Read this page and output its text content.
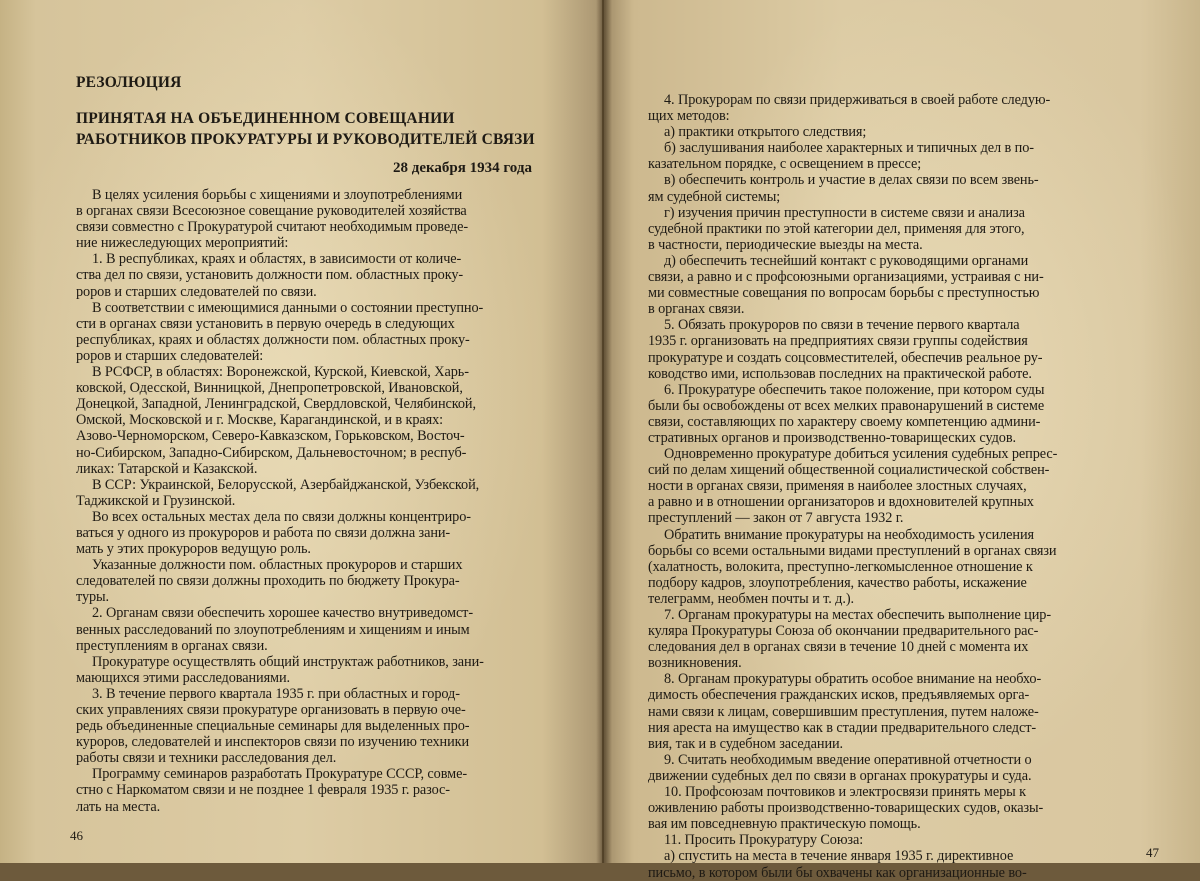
РЕЗОЛЮЦИЯ
ПРИНЯТАЯ НА ОБЪЕДИНЕННОМ СОВЕЩАНИИ
РАБОТНИКОВ ПРОКУРАТУРЫ И РУКОВОДИТЕЛЕЙ СВЯЗИ
28 декабря 1934 года
В целях усиления борьбы с хищениями и злоупотреблениями
в органах связи Всесоюзное совещание руководителей хозяйства
связи совместно с Прокуратурой считают необходимым проведе-
ние нижеследующих мероприятий:
1. В республиках, краях и областях, в зависимости от количе-
ства дел по связи, установить должности пом. областных проку-
роров и старших следователей по связи.
В соответствии с имеющимися данными о состоянии преступно-
сти в органах связи установить в первую очередь в следующих
республиках, краях и областях должности пом. областных проку-
роров и старших следователей:
В РСФСР, в областях: Воронежской, Курской, Киевской, Харь-
ковской, Одесской, Винницкой, Днепропетровской, Ивановской,
Донецкой, Западной, Ленинградской, Свердловской, Челябинской,
Омской, Московской и г. Москве, Карагандинской, и в краях:
Азово-Черноморском, Северо-Кавказском, Горьковском, Восточ-
но-Сибирском, Западно-Сибирском, Дальневосточном; в респуб-
ликах: Татарской и Казакской.
В ССР: Украинской, Белорусской, Азербайджанской, Узбекской,
Таджикской и Грузинской.
Во всех остальных местах дела по связи должны концентриро-
ваться у одного из прокуроров и работа по связи должна зани-
мать у этих прокуроров ведущую роль.
Указанные должности пом. областных прокуроров и старших
следователей по связи должны проходить по бюджету Прокура-
туры.
2. Органам связи обеспечить хорошее качество внутриведомст-
венных расследований по злоупотреблениям и хищениям и иным
преступлениям в органах связи.
Прокуратуре осуществлять общий инструктаж работников, зани-
мающихся этими расследованиями.
3. В течение первого квартала 1935 г. при областных и город-
ских управлениях связи прокуратуре организовать в первую оче-
редь объединенные специальные семинары для выделенных про-
куроров, следователей и инспекторов связи по изучению техники
работы связи и техники расследования дел.
Программу семинаров разработать Прокуратуре СССР, совме-
стно с Наркоматом связи и не позднее 1 февраля 1935 г. разос-
лать на места.
46
4. Прокурорам по связи придерживаться в своей работе следую-
щих методов:
а) практики открытого следствия;
б) заслушивания наиболее характерных и типичных дел в по-
казательном порядке, с освещением в прессе;
в) обеспечить контроль и участие в делах связи по всем звень-
ям судебной системы;
г) изучения причин преступности в системе связи и анализа
судебной практики по этой категории дел, применяя для этого,
в частности, периодические выезды на места.
д) обеспечить теснейший контакт с руководящими органами
связи, а равно и с профсоюзными организациями, устраивая с ни-
ми совместные совещания по вопросам борьбы с преступностью
в органах связи.
5. Обязать прокуроров по связи в течение первого квартала
1935 г. организовать на предприятиях связи группы содействия
прокуратуре и создать соцсовместителей, обеспечив реальное ру-
ководство ими, использовав последних на практической работе.
6. Прокуратуре обеспечить такое положение, при котором суды
были бы освобождены от всех мелких правонарушений в системе
связи, составляющих по характеру своему компетенцию админи-
стративных органов и производственно-товарищеских судов.
Одновременно прокуратуре добиться усиления судебных репрес-
сий по делам хищений общественной социалистической собствен-
ности в органах связи, применяя в наиболее злостных случаях,
а равно и в отношении организаторов и вдохновителей крупных
преступлений — закон от 7 августа 1932 г.
Обратить внимание прокуратуры на необходимость усиления
борьбы со всеми остальными видами преступлений в органах связи
(халатность, волокита, преступно-легкомысленное отношение к
подбору кадров, злоупотребления, качество работы, искажение
телеграмм, необмен почты и т. д.).
7. Органам прокуратуры на местах обеспечить выполнение цир-
куляра Прокуратуры Союза об окончании предварительного рас-
следования дел в органах связи в течение 10 дней с момента их
возникновения.
8. Органам прокуратуры обратить особое внимание на необхо-
димость обеспечения гражданских исков, предъявляемых орга-
нами связи к лицам, совершившим преступления, путем наложе-
ния ареста на имущество как в стадии предварительного следст-
вия, так и в судебном заседании.
9. Считать необходимым введение оперативной отчетности о
движении судебных дел по связи в органах прокуратуры и суда.
10. Профсоюзам почтовиков и электросвязи принять меры к
оживлению работы производственно-товарищеских судов, оказы-
вая им повседневную практическую помощь.
11. Просить Прокуратуру Союза:
а) спустить на места в течение января 1935 г. директивное
письмо, в котором были бы охвачены как организационные во-
47
